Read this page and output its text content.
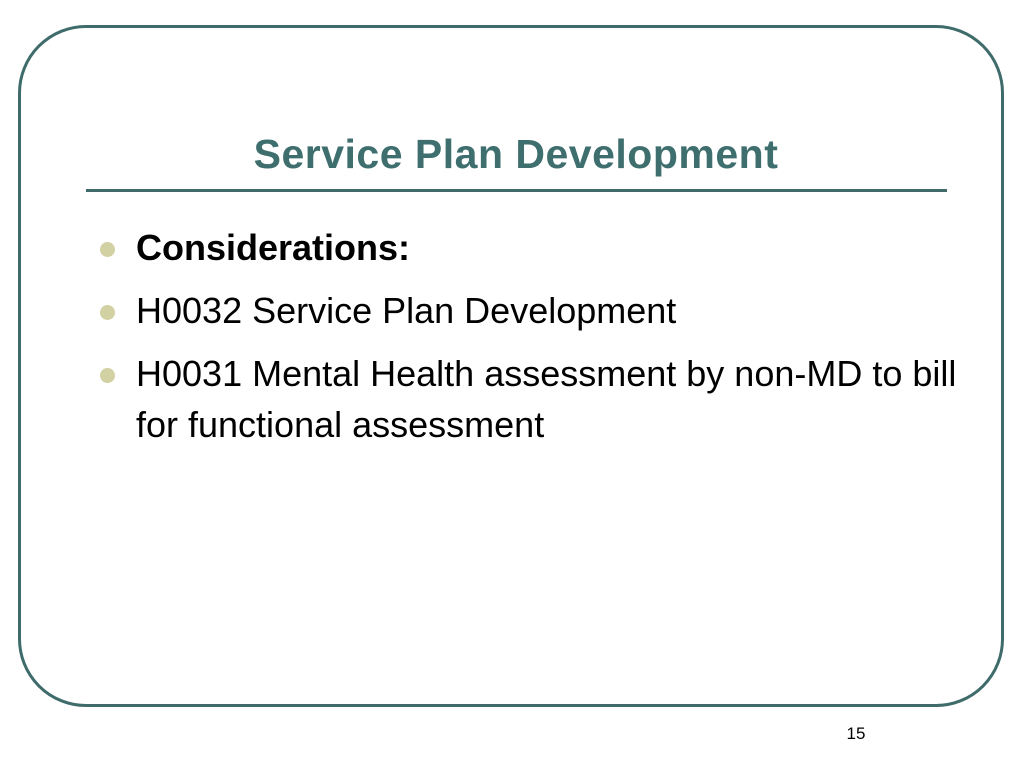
Service Plan Development
Considerations:
H0032 Service Plan Development
H0031 Mental Health assessment by non-MD to bill for functional assessment
15
